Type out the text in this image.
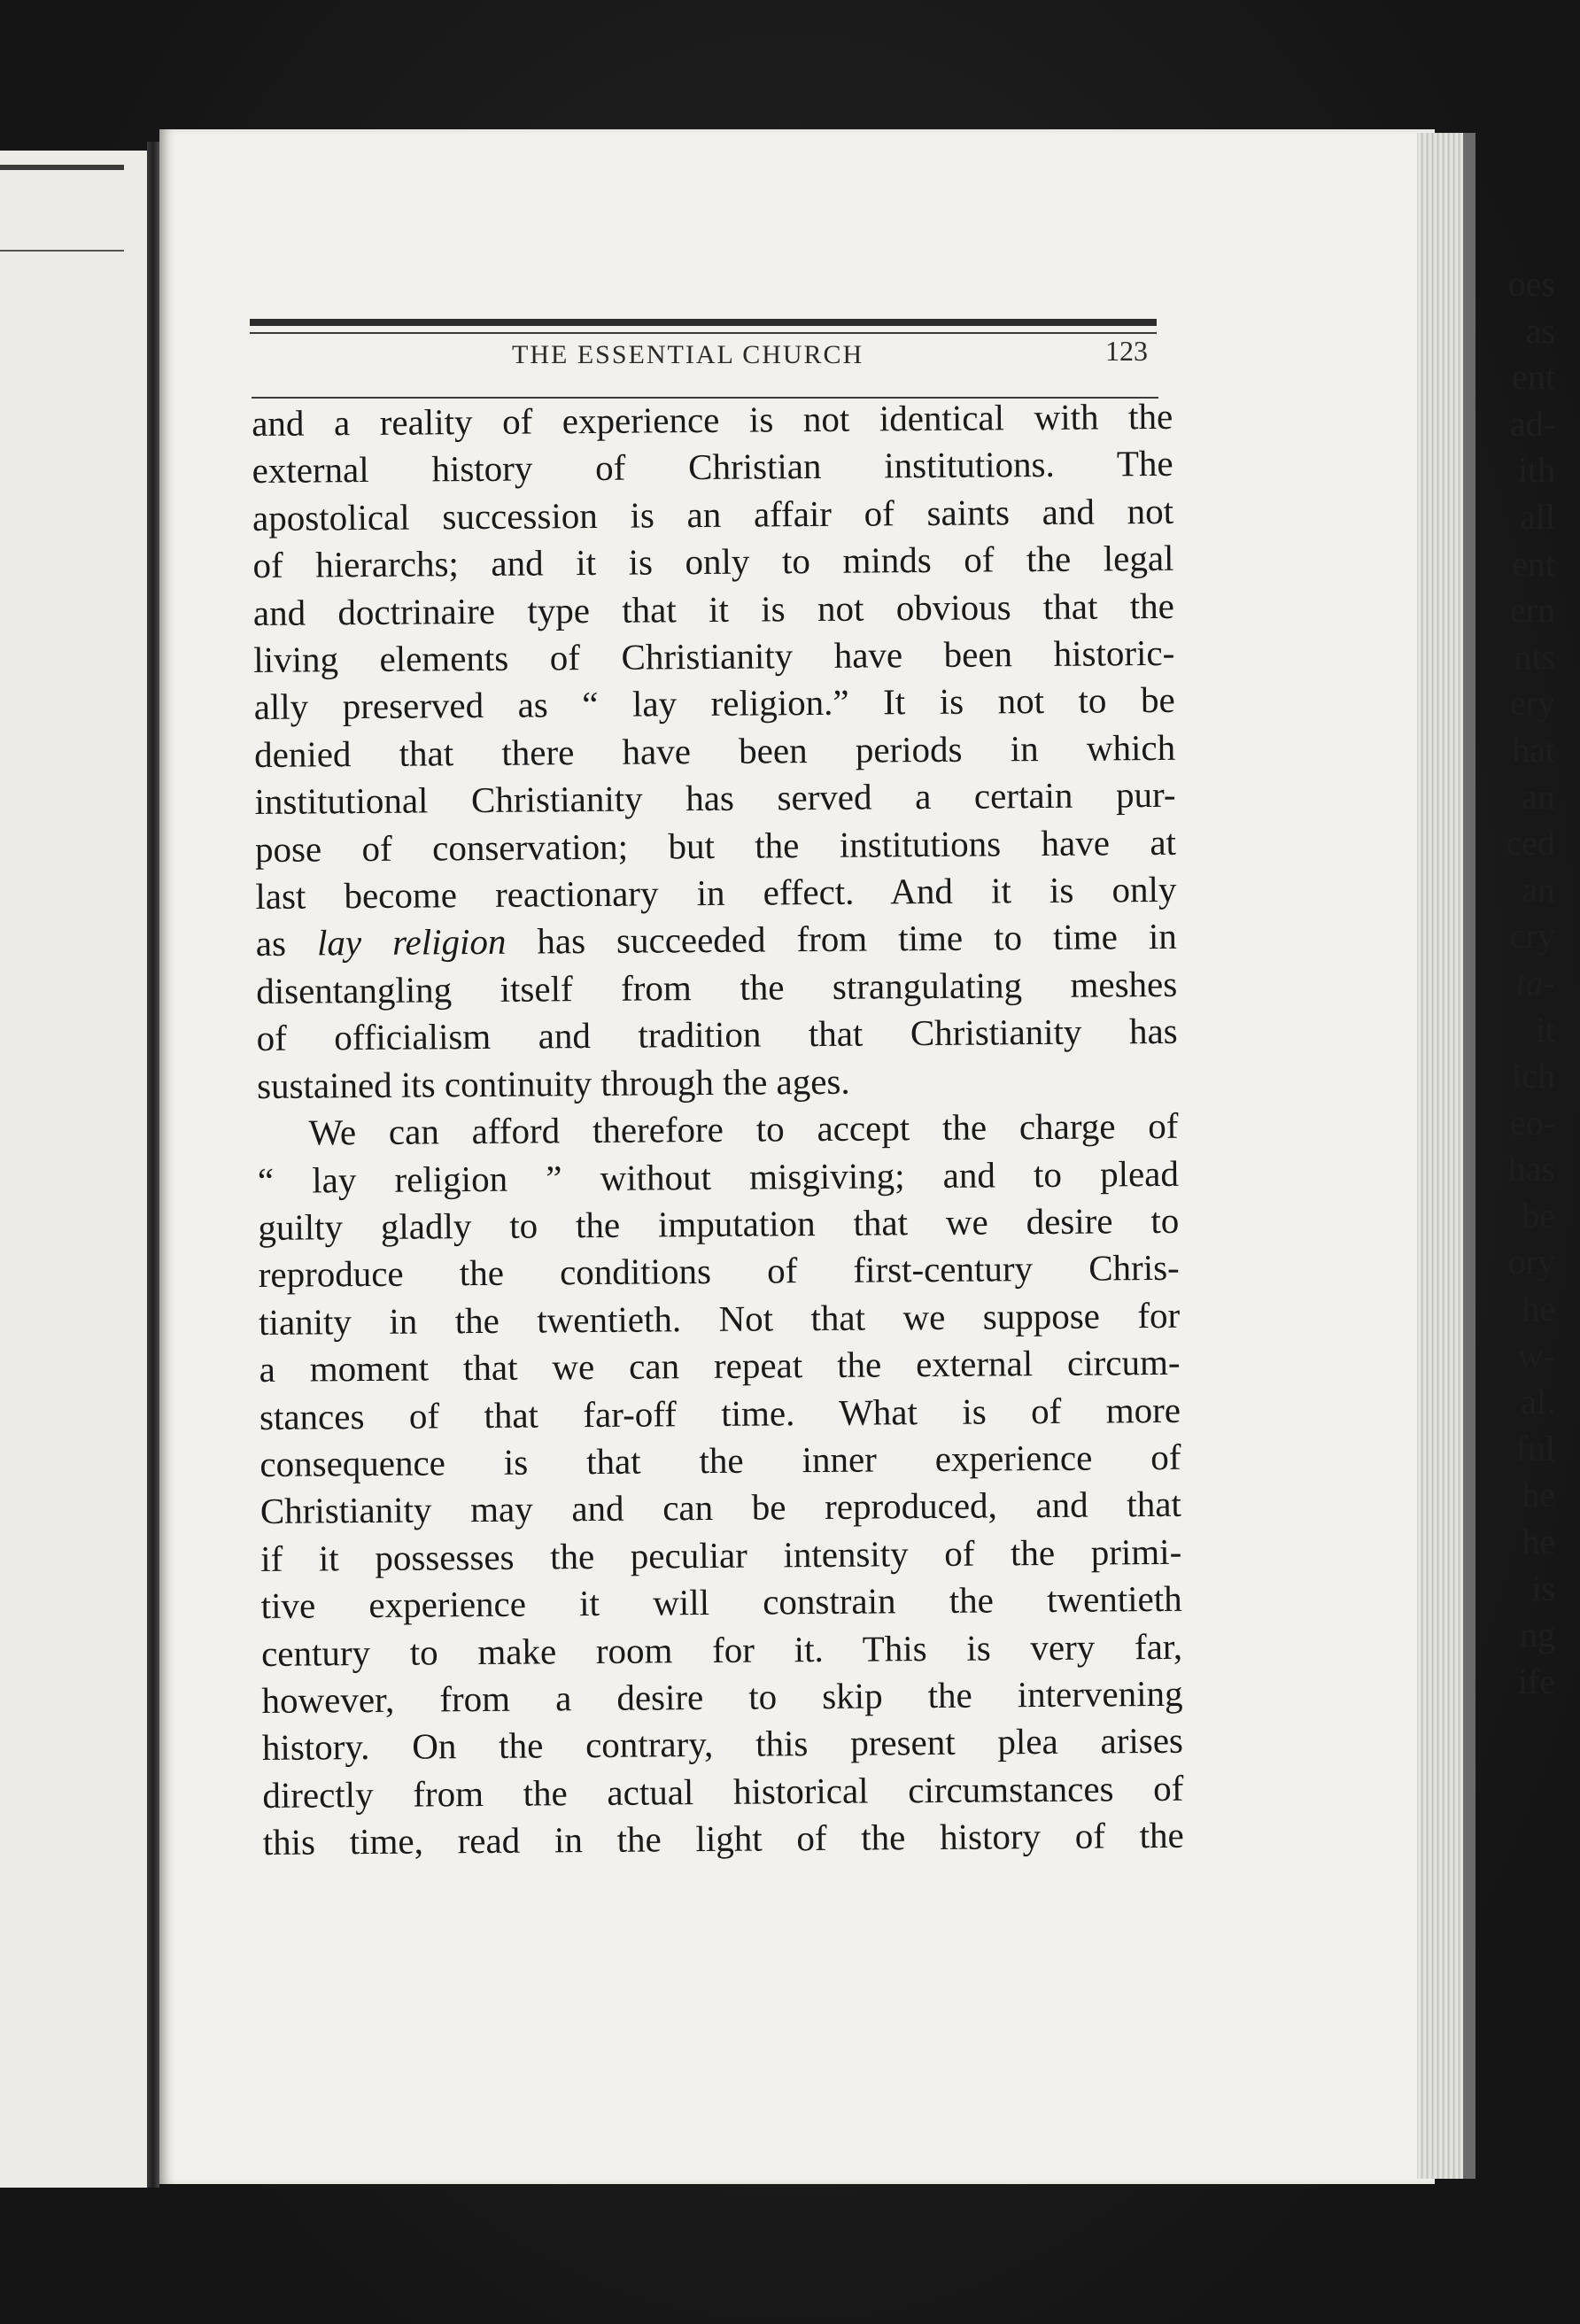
oes
as
ent
ad-
ith
all
ent
ern
nts
ery
hat
an
ced
an
cry
ta-
it
ich
eo-
has
be
ory
he
w-
al.
ful
he
he
is
ng
ife
THE ESSENTIAL CHURCH	123
and a reality of experience is not identical with the
external history of Christian institutions. The
apostolical succession is an affair of saints and not
of hierarchs; and it is only to minds of the legal
and doctrinaire type that it is not obvious that the
living elements of Christianity have been historic-
ally preserved as “ lay religion.” It is not to be
denied that there have been periods in which
institutional Christianity has served a certain pur-
pose of conservation; but the institutions have at
last become reactionary in effect. And it is only
as lay religion has succeeded from time to time in
disentangling itself from the strangulating meshes
of officialism and tradition that Christianity has
sustained its continuity through the ages.
We can afford therefore to accept the charge of
“ lay religion ” without misgiving; and to plead
guilty gladly to the imputation that we desire to
reproduce the conditions of first-century Chris-
tianity in the twentieth. Not that we suppose for
a moment that we can repeat the external circum-
stances of that far-off time. What is of more
consequence is that the inner experience of
Christianity may and can be reproduced, and that
if it possesses the peculiar intensity of the primi-
tive experience it will constrain the twentieth
century to make room for it. This is very far,
however, from a desire to skip the intervening
history. On the contrary, this present plea arises
directly from the actual historical circumstances of
this time, read in the light of the history of the
